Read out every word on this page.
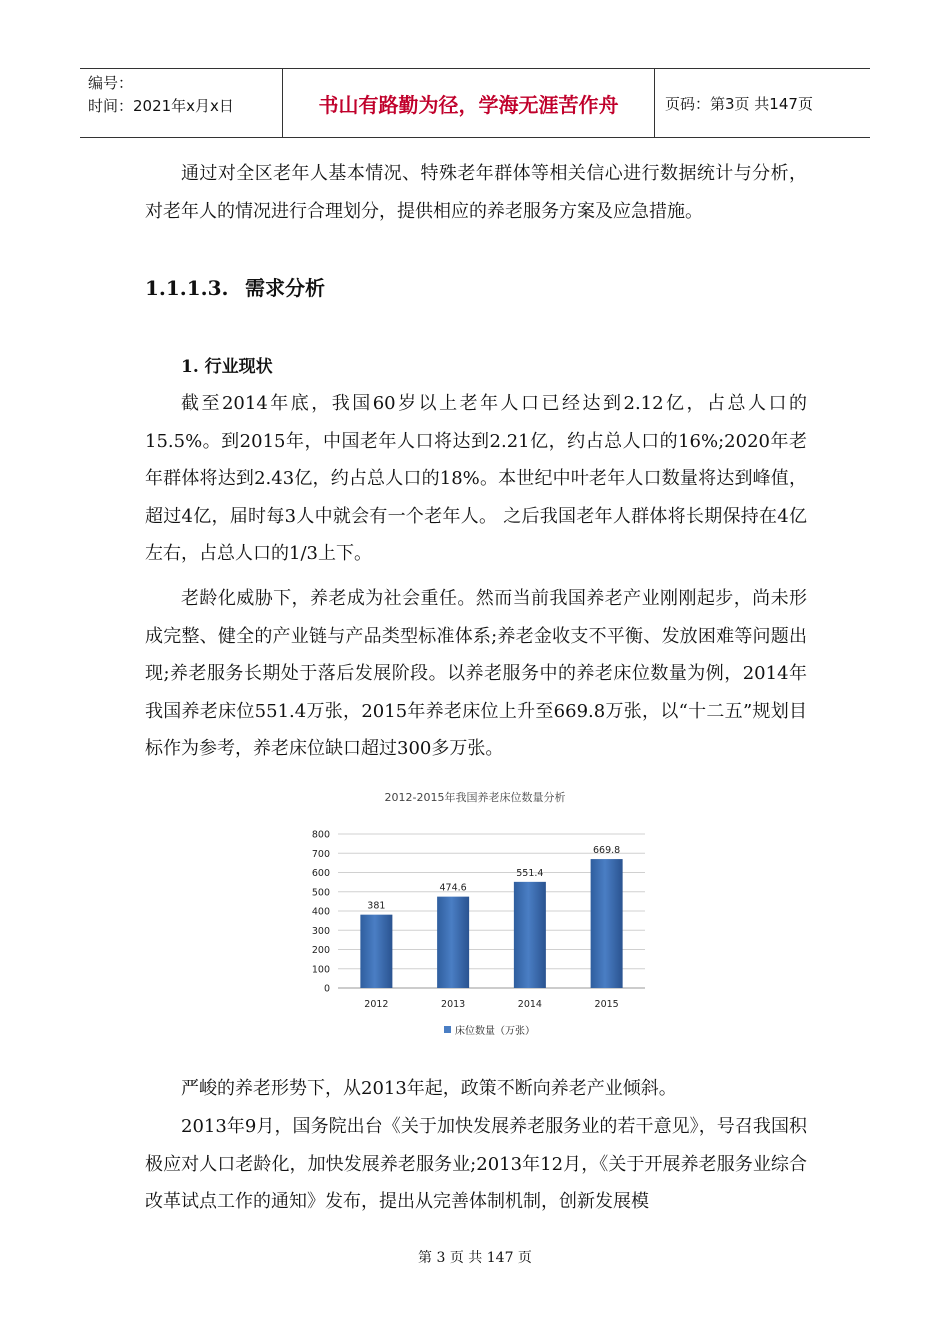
编号：
时间：2021年x月x日	书山有路勤为径，学海无涯苦作舟	页码：第3页 共147页

通过对全区老年人基本情况、特殊老年群体等相关信心进行数据统计与分析，对老年人的情况进行合理划分，提供相应的养老服务方案及应急措施。

1.1.1.3. 需求分析
1. 行业现状

截至2014年底，我国60岁以上老年人口已经达到2.12亿，占总人口的15.5%。到2015年，中国老年人口将达到2.21亿，约占总人口的16%;2020年老年群体将达到2.43亿，约占总人口的18%。本世纪中叶老年人口数量将达到峰值，超过4亿，届时每3人中就会有一个老年人。 之后我国老年人群体将长期保持在4亿左右，占总人口的1/3上下。

老龄化威胁下，养老成为社会重任。然而当前我国养老产业刚刚起步，尚未形成完整、健全的产业链与产品类型标准体系;养老金收支不平衡、发放困难等问题出现;养老服务长期处于落后发展阶段。以养老服务中的养老床位数量为例，2014年我国养老床位551.4万张，2015年养老床位上升至669.8万张，以“十二五”规划目标作为参考，养老床位缺口超过300多万张。

0
100
200
300
400
500
600
700
800
381
2012
474.6
2013
551.4
2014
669.8
2015
2012-2015年我国养老床位数量分析
床位数量（万张）

严峻的养老形势下，从2013年起，政策不断向养老产业倾斜。

2013年9月，国务院出台《关于加快发展养老服务业的若干意见》，号召我国积极应对人口老龄化，加快发展养老服务业;2013年12月，《关于开展养老服务业综合改革试点工作的通知》发布，提出从完善体制机制，创新发展模

第 3 页 共 147 页
